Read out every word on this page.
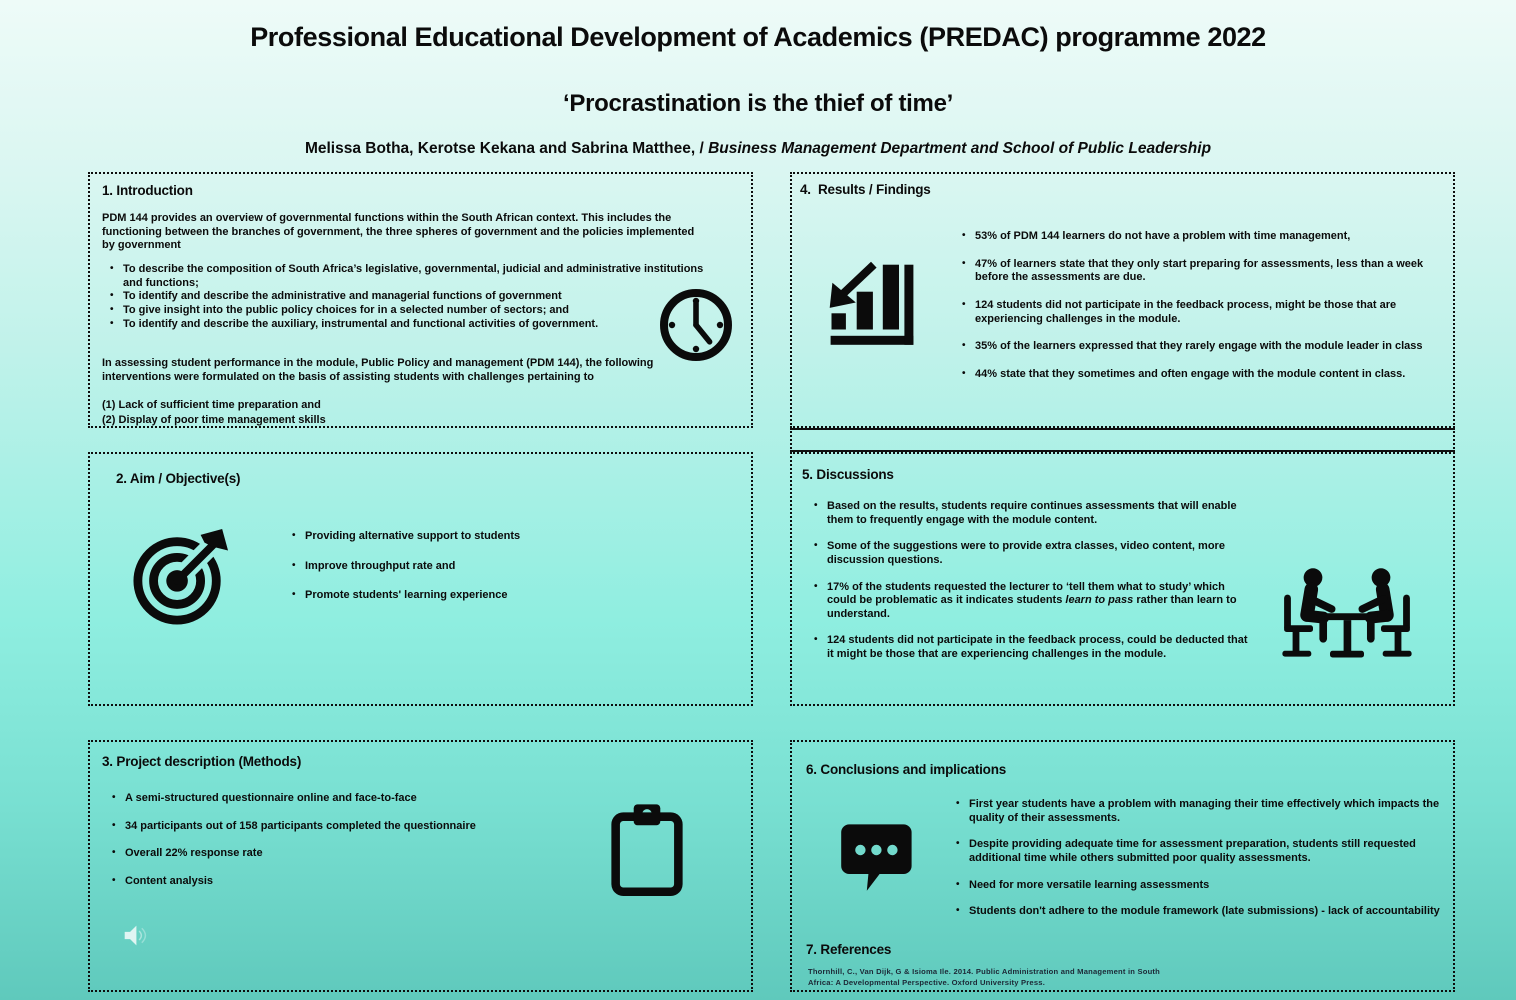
Professional Educational Development of Academics (PREDAC) programme 2022
‘Procrastination is the thief of time’
Melissa Botha, Kerotse Kekana and Sabrina Matthee, / Business Management Department and School of Public Leadership
1. Introduction
PDM 144 provides an overview of governmental functions within the South African context. This includes the functioning between the branches of government, the three spheres of government and the policies implemented by government
• To describe the composition of South Africa’s legislative, governmental, judicial and administrative institutions and functions;
• To identify and describe the administrative and managerial functions of government
• To give insight into the public policy choices for in a selected number of sectors; and
• To identify and describe the auxiliary, instrumental and functional activities of government.
In assessing student performance in the module, Public Policy and management (PDM 144), the following interventions were formulated on the basis of assisting students with challenges pertaining to
(1) Lack of sufficient time preparation and
(2) Display of poor time management skills
4.  Results / Findings
• 53% of PDM 144 learners do not have a problem with time management,
• 47% of learners state that they only start preparing for assessments, less than a week before the assessments are due.
• 124 students did not participate in the feedback process, might be those that are experiencing challenges in the module.
• 35% of the learners expressed that they rarely engage with the module leader in class
• 44% state that they sometimes and often engage with the module content in class.
2. Aim / Objective(s)
• Providing alternative support to students
• Improve throughput rate and
• Promote students' learning experience
5. Discussions
• Based on the results, students require continues assessments that will enable them to frequently engage with the module content.
• Some of the suggestions were to provide extra classes, video content, more discussion questions.
• 17% of the students requested the lecturer to ‘tell them what to study’ which could be problematic as it indicates students learn to pass rather than learn to understand.
• 124 students did not participate in the feedback process, could be deducted that it might be those that are experiencing challenges in the module.
3. Project description (Methods)
• A semi-structured questionnaire online and face-to-face
• 34 participants out of 158 participants completed the questionnaire
• Overall 22% response rate
• Content analysis
6. Conclusions and implications
• First year students have a problem with managing their time effectively which impacts the quality of their assessments.
• Despite providing adequate time for assessment preparation, students still requested additional time while others submitted poor quality assessments.
• Need for more versatile learning assessments
• Students don't adhere to the module framework (late submissions) - lack of accountability
7. References
Thornhill, C., Van Dijk, G & Isioma Ile. 2014. Public Administration and Management in South Africa: A Developmental Perspective. Oxford University Press.
